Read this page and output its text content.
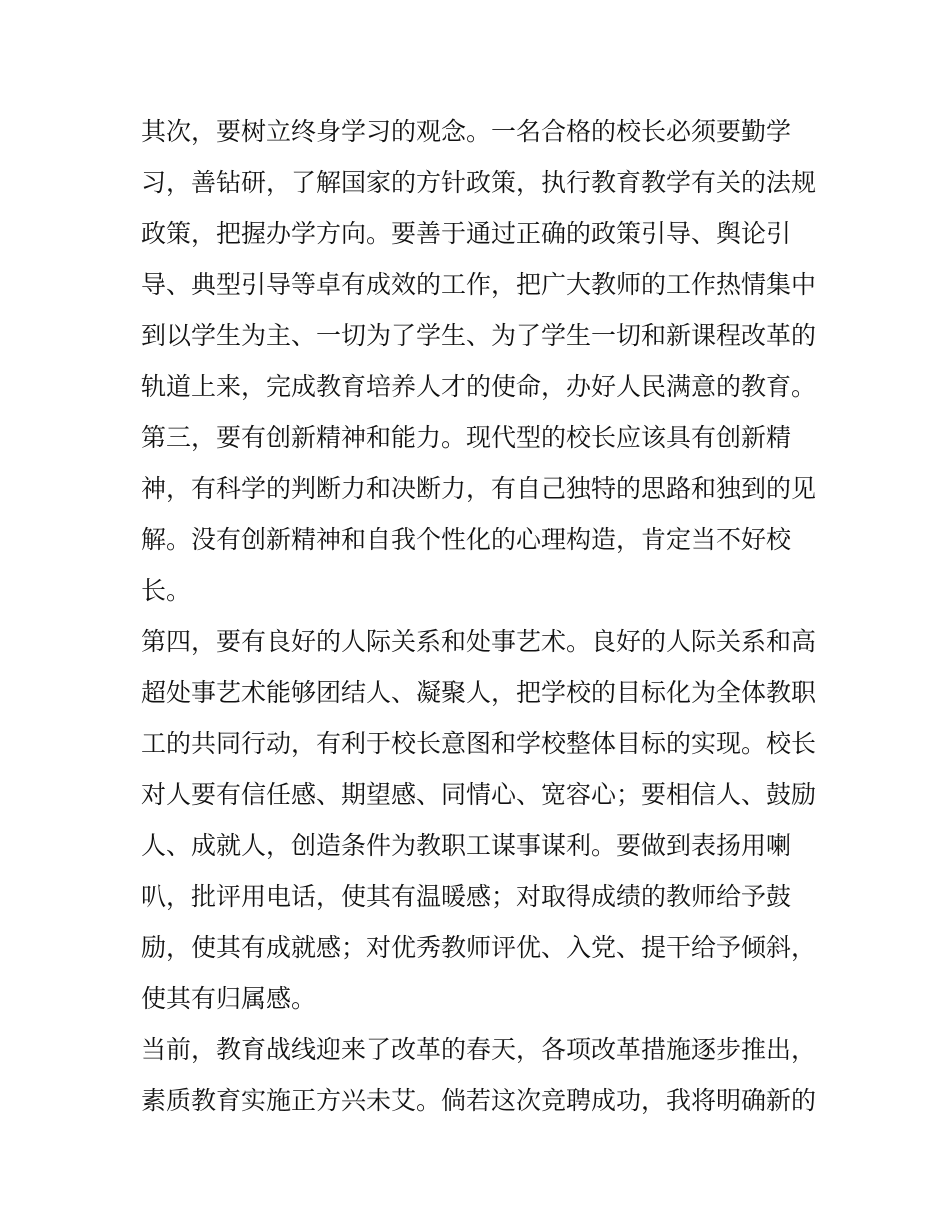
其次，要树立终身学习的观念。一名合格的校长必须要勤学
习，善钻研，了解国家的方针政策，执行教育教学有关的法规
政策，把握办学方向。要善于通过正确的政策引导、舆论引
导、典型引导等卓有成效的工作，把广大教师的工作热情集中
到以学生为主、一切为了学生、为了学生一切和新课程改革的
轨道上来，完成教育培养人才的使命，办好人民满意的教育。
第三，要有创新精神和能力。现代型的校长应该具有创新精
神，有科学的判断力和决断力，有自己独特的思路和独到的见
解。没有创新精神和自我个性化的心理构造，肯定当不好校
长。
第四，要有良好的人际关系和处事艺术。良好的人际关系和高
超处事艺术能够团结人、凝聚人，把学校的目标化为全体教职
工的共同行动，有利于校长意图和学校整体目标的实现。校长
对人要有信任感、期望感、同情心、宽容心；要相信人、鼓励
人、成就人，创造条件为教职工谋事谋利。要做到表扬用喇
叭，批评用电话，使其有温暖感；对取得成绩的教师给予鼓
励，使其有成就感；对优秀教师评优、入党、提干给予倾斜，
使其有归属感。
当前，教育战线迎来了改革的春天，各项改革措施逐步推出，
素质教育实施正方兴未艾。倘若这次竞聘成功，我将明确新的
